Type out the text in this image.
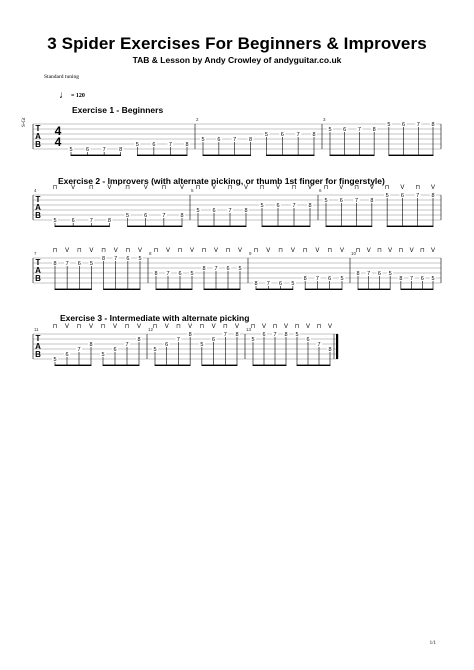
3 Spider Exercises For Beginners & Improvers
TAB & Lesson by Andy Crowley of andyguitar.co.uk
Standard tuning
♩ = 120
S-Gt
Exercise 1 - Beginners
Exercise 2 - Improvers (with alternate picking, or thumb 1st finger for fingerstyle)
Exercise 3 - Intermediate with alternate picking
T
A
B
4
4
5 6 7 8
5 6 7 8
2
5 6 7 8
5 6 7 8
3
5 6 7 8
5 6 7 8
T
A
B
4
5
⊓
6
V
7
⊓
8
V
5
⊓
6
V
7
⊓
8
V 5
5
⊓
6
V
7
⊓
8
V
5
⊓
6
V
7
⊓
8
V 6
5
⊓
6
V
7
⊓
8
V
5
⊓
6
V
7
⊓
8
V
T
A
B
7
8
⊓
7
V
6
⊓
5
V
8
⊓
7
V
6
⊓
5
V 8
8
⊓
7
V
6
⊓
5
V
8
⊓
7
V
6
⊓
5
V 9
8
⊓
7
V
6
⊓
5
V
8
⊓
7
V
6
⊓
5
V 10
8
⊓
7
V
6
⊓
5
V
8
⊓
7
V
6
⊓
5
V
T
A
B
11
5
⊓
6
V
7
⊓
8
V
5
⊓
6
V
7
⊓
8
V 12
5
⊓
6
V
7
⊓
8
V
5
⊓
6
V
7
⊓
8
V 13
5
⊓
6
V
7
⊓
8
V
5
⊓
6
V
7
⊓
8
V
1/1
